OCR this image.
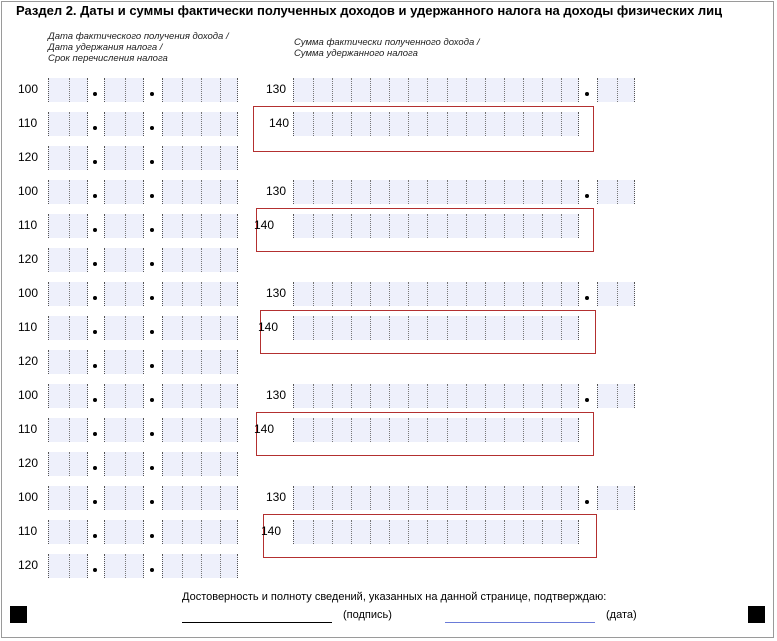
Раздел 2. Даты и суммы фактически полученных доходов и удержанного налога на доходы физических лиц
Дата фактического получения дохода /
Дата удержания налога /
Срок перечисления налога
Сумма фактически полученного дохода /
Сумма удержанного налога
100
110
120
130
140
100
110
120
130
140
100
110
120
130
140
100
110
120
130
140
100
110
120
130
140
Достоверность и полноту сведений, указанных на данной странице, подтверждаю:
(подпись)	(дата)
